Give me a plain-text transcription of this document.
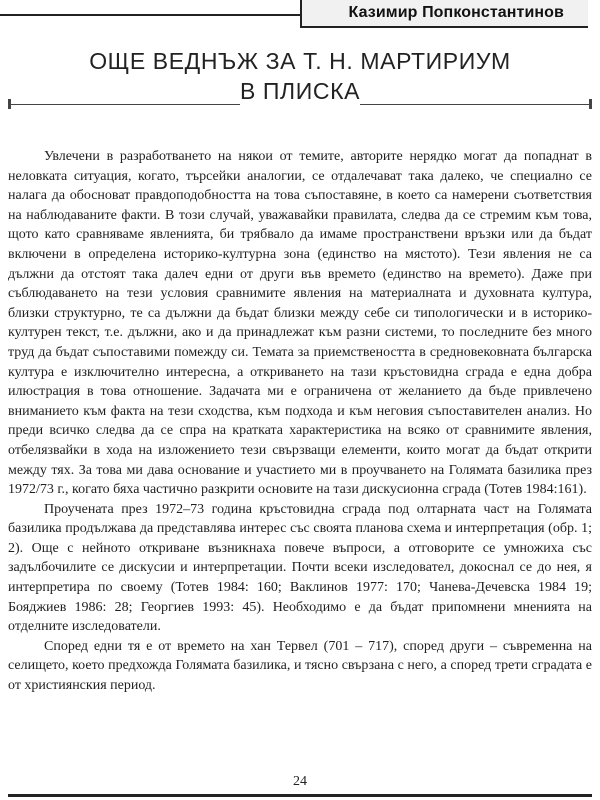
Казимир Попконстантинов
ОЩЕ ВЕДНЪЖ ЗА Т. Н. МАРТИРИУМ
В ПЛИСКА

Увлечени в разработването на някои от темите, авторите нерядко могат да попаднат в неловката ситуация, когато, търсейки аналогии, се отдалечават така далеко, че специално се налага да обосноват правдоподобността на това съпоставяне, в което са намерени съответствия на наблюдаваните факти. В този случай, уважавайки правилата, следва да се стремим към това, щото като сравняваме явленията, би трябвало да имаме пространствени връзки или да бъдат включени в определена историко-културна зона (единство на мястото). Тези явления не са дължни да отстоят така далеч едни от други във времето (единство на времето). Даже при съблюдаването на тези условия сравнимите явления на материалната и духовната култура, близки структурно, те са дължни да бъдат близки между себе си типологически и в историко-културен текст, т.е. дължни, ако и да принадлежат към разни системи, то последните без много труд да бъдат съпоставими помежду си. Темата за приемствеността в средновековната българска култура е изключително интересна, а откриването на тази кръстовидна сграда е една добра илюстрация в това отношение. Задачата ми е ограничена от желанието да бъде привлечено вниманието към факта на тези сходства, към подхода и към неговия съпоставителен анализ. Но преди всичко следва да се спра на кратката характеристика на всяко от сравнимите явления, отбелязвайки в хода на изложението тези свързващи елементи, които могат да бъдат открити между тях. За това ми дава основание и участието ми в проучването на Голямата базилика през 1972/73 г., когато бяха частично разкрити основите на тази дискусионна сграда (Тотев 1984:161).

Проучената през 1972–73 година кръстовидна сграда под олтарната част на Голямата базилика продължава да представлява интерес със своята планова схема и интерпретация (обр. 1; 2). Още с нейното откриване възникнаха повече въпроси, а отговорите се умножиха със задълбочилите се дискусии и интерпретации. Почти всеки изследовател, докоснал се до нея, я интерпретира по своему (Тотев 1984: 160; Ваклинов 1977: 170; Чанева-Дечевска 1984 19; Бояджиев 1986: 28; Георгиев 1993: 45). Необходимо е да бъдат припомнени мненията на отделните изследователи.

Според едни тя е от времето на хан Тервел (701 – 717), според други – съвременна на селището, което предхожда Голямата базилика, и тясно свързана с него, а според трети сградата е от християнския период.

24
